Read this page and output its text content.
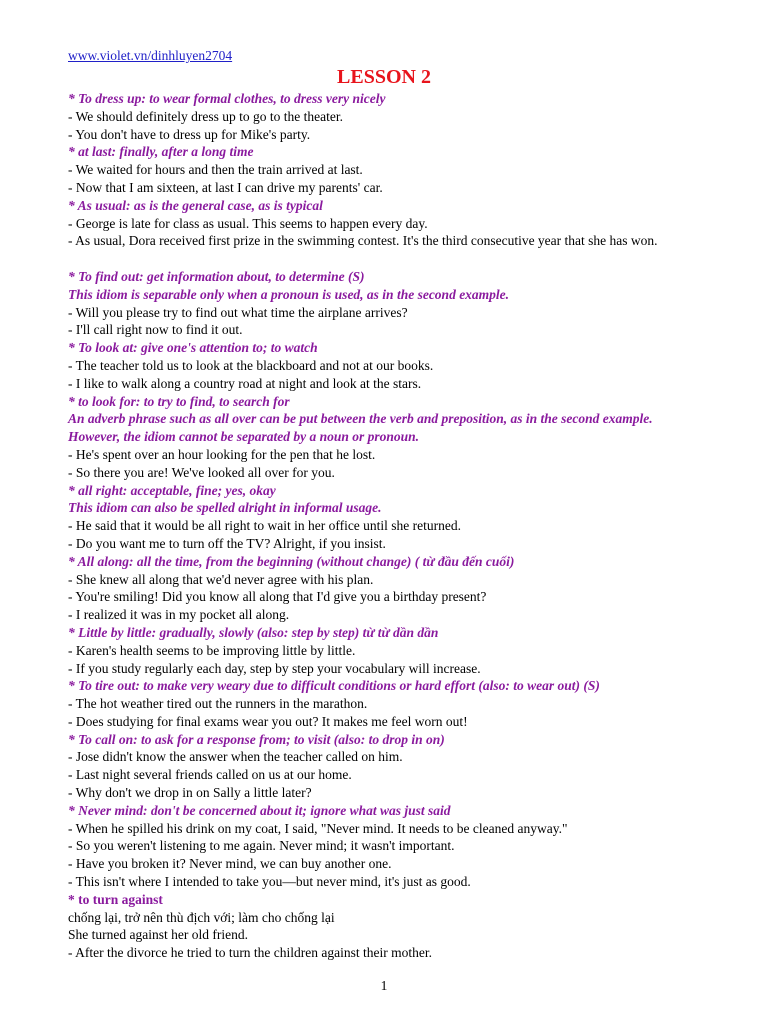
www.violet.vn/dinhluyen2704
LESSON 2
* To dress up: to wear formal clothes, to dress very nicely
- We should definitely dress up to go to the theater.
- You don't have to dress up for Mike's party.
* at last: finally, after a long time
- We waited for hours and then the train arrived at last.
- Now that I am sixteen, at last I can drive my parents' car.
* As usual: as is the general case, as is typical
- George is late for class as usual. This seems to happen every day.
- As usual, Dora received first prize in the swimming contest. It's the third consecutive year that she has won.
* To find out: get information about, to determine (S)
This idiom is separable only when a pronoun is used, as in the second example.
- Will you please try to find out what time the airplane arrives?
- I'll call right now to find it out.
* To look at: give one's attention to; to watch
- The teacher told us to look at the blackboard and not at our books.
- I like to walk along a country road at night and look at the stars.
* to look for: to try to find, to search for
An adverb phrase such as all over can be put between the verb and preposition, as in the second example. However, the idiom cannot be separated by a noun or pronoun.
- He's spent over an hour looking for the pen that he lost.
- So there you are! We've looked all over for you.
* all right: acceptable, fine; yes, okay
This idiom can also be spelled alright in informal usage.
- He said that it would be all right to wait in her office until she returned.
- Do you want me to turn off the TV? Alright, if you insist.
* All along: all the time, from the beginning (without change) ( từ đầu đến cuối)
- She knew all along that we'd never agree with his plan.
- You're smiling! Did you know all along that I'd give you a birthday present?
- I realized it was in my pocket all along.
* Little by little: gradually, slowly (also: step by step) từ từ dần dần
- Karen's health seems to be improving little by little.
- If you study regularly each day, step by step your vocabulary will increase.
* To tire out: to make very weary due to difficult conditions or hard effort (also: to wear out) (S)
- The hot weather tired out the runners in the marathon.
- Does studying for final exams wear you out? It makes me feel worn out!
* To call on: to ask for a response from; to visit (also: to drop in on)
- Jose didn't know the answer when the teacher called on him.
- Last night several friends called on us at our home.
- Why don't we drop in on Sally a little later?
* Never mind: don't be concerned about it; ignore what was just said
- When he spilled his drink on my coat, I said, "Never mind. It needs to be cleaned anyway."
- So you weren't listening to me again. Never mind; it wasn't important.
- Have you broken it? Never mind, we can buy another one.
- This isn't where I intended to take you—but never mind, it's just as good.
* to turn against
chống lại, trở nên thù địch với; làm cho chống lại
She turned against her old friend.
- After the divorce he tried to turn the children against their mother.
1
